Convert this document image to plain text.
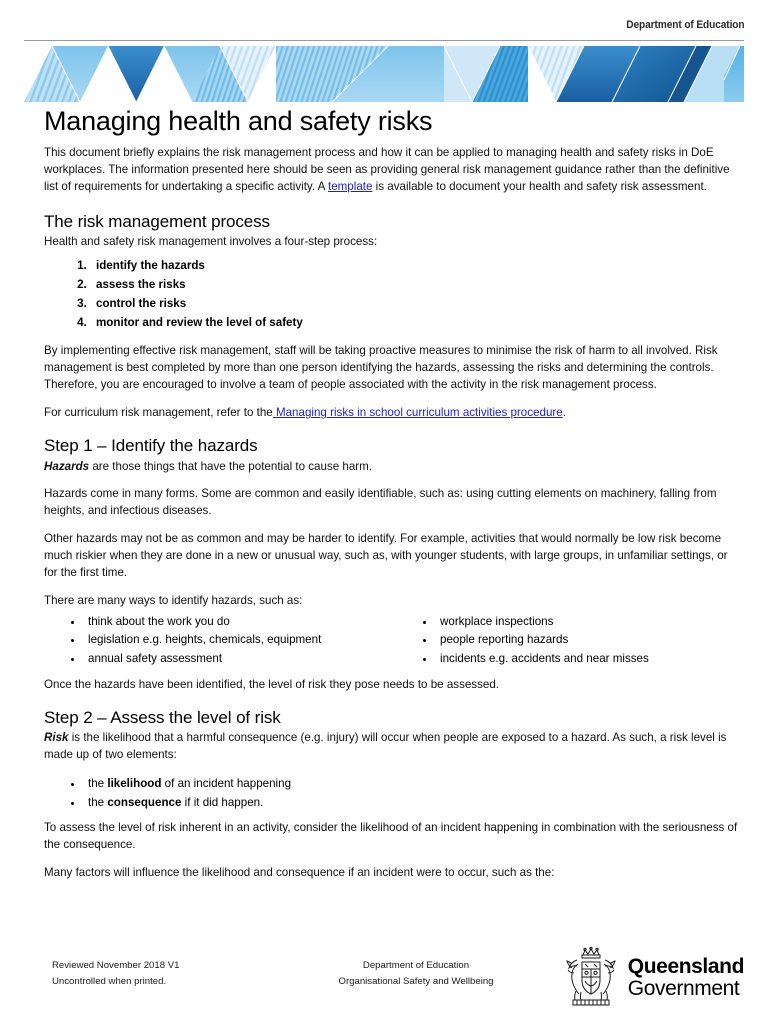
Department of Education
Managing health and safety risks

This document briefly explains the risk management process and how it can be applied to managing health and safety risks in DoE workplaces. The information presented here should be seen as providing general risk management guidance rather than the definitive list of requirements for undertaking a specific activity. A template is available to document your health and safety risk assessment.

The risk management process

Health and safety risk management involves a four-step process:

1. identify the hazards
2. assess the risks
3. control the risks
4. monitor and review the level of safety

By implementing effective risk management, staff will be taking proactive measures to minimise the risk of harm to all involved. Risk management is best completed by more than one person identifying the hazards, assessing the risks and determining the controls. Therefore, you are encouraged to involve a team of people associated with the activity in the risk management process.

For curriculum risk management, refer to the Managing risks in school curriculum activities procedure.

Step 1 – Identify the hazards

Hazards are those things that have the potential to cause harm.

Hazards come in many forms. Some are common and easily identifiable, such as: using cutting elements on machinery, falling from heights, and infectious diseases.

Other hazards may not be as common and may be harder to identify. For example, activities that would normally be low risk become much riskier when they are done in a new or unusual way, such as, with younger students, with large groups, in unfamiliar settings, or for the first time.

There are many ways to identify hazards, such as:

• think about the work you do
• legislation e.g. heights, chemicals, equipment
• annual safety assessment
• workplace inspections
• people reporting hazards
• incidents e.g. accidents and near misses

Once the hazards have been identified, the level of risk they pose needs to be assessed.

Step 2 – Assess the level of risk

Risk is the likelihood that a harmful consequence (e.g. injury) will occur when people are exposed to a hazard. As such, a risk level is made up of two elements:

• the likelihood of an incident happening
• the consequence if it did happen.

To assess the level of risk inherent in an activity, consider the likelihood of an incident happening in combination with the seriousness of the consequence.

Many factors will influence the likelihood and consequence if an incident were to occur, such as the:

Reviewed November 2018 V1
Uncontrolled when printed.
Department of Education
Organisational Safety and Wellbeing
Queensland
Government
